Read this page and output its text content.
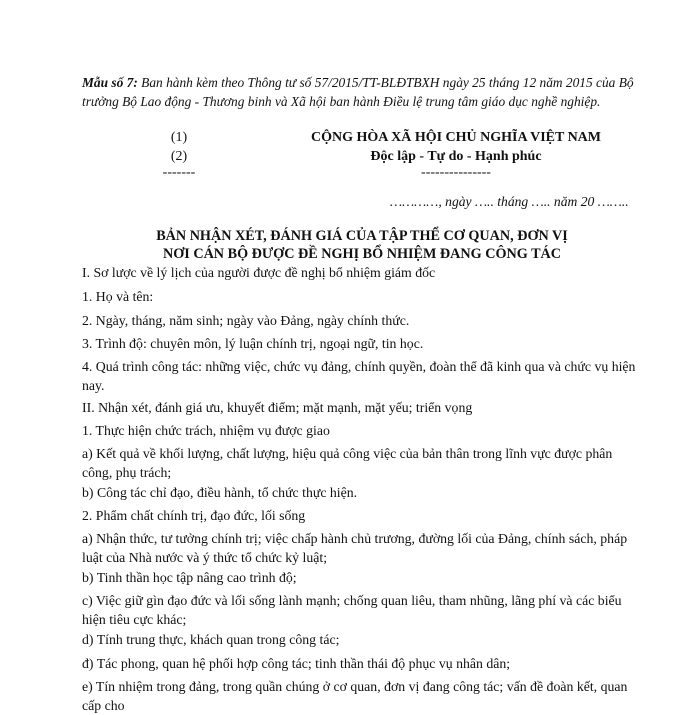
Mẫu số 7: Ban hành kèm theo Thông tư số 57/2015/TT-BLĐTBXH ngày 25 tháng 12 năm 2015 của Bộ trưởng Bộ Lao động - Thương binh và Xã hội ban hành Điều lệ trung tâm giáo dục nghề nghiệp.

(1)
(2)
-------
CỘNG HÒA XÃ HỘI CHỦ NGHĨA VIỆT NAM
Độc lập - Tự do - Hạnh phúc
---------------
…………, ngày ….. tháng ….. năm 20 ……..
BẢN NHẬN XÉT, ĐÁNH GIÁ CỦA TẬP THỂ CƠ QUAN, ĐƠN VỊ
NƠI CÁN BỘ ĐƯỢC ĐỀ NGHỊ BỔ NHIỆM ĐANG CÔNG TÁC

I. Sơ lược về lý lịch của người được đề nghị bổ nhiệm giám đốc

1. Họ và tên:

2. Ngày, tháng, năm sinh; ngày vào Đảng, ngày chính thức.

3. Trình độ: chuyên môn, lý luận chính trị, ngoại ngữ, tin học.

4. Quá trình công tác: những việc, chức vụ đảng, chính quyền, đoàn thể đã kinh qua và chức vụ hiện nay.

II. Nhận xét, đánh giá ưu, khuyết điểm; mặt mạnh, mặt yếu; triển vọng

1. Thực hiện chức trách, nhiệm vụ được giao

a) Kết quả về khối lượng, chất lượng, hiệu quả công việc của bản thân trong lĩnh vực được phân công, phụ trách;

b) Công tác chỉ đạo, điều hành, tổ chức thực hiện.

2. Phẩm chất chính trị, đạo đức, lối sống

a) Nhận thức, tư tưởng chính trị; việc chấp hành chủ trương, đường lối của Đảng, chính sách, pháp luật của Nhà nước và ý thức tổ chức kỷ luật;

b) Tinh thần học tập nâng cao trình độ;

c) Việc giữ gìn đạo đức và lối sống lành mạnh; chống quan liêu, tham nhũng, lãng phí và các biểu hiện tiêu cực khác;

d) Tính trung thực, khách quan trong công tác;

đ) Tác phong, quan hệ phối hợp công tác; tinh thần thái độ phục vụ nhân dân;

e) Tín nhiệm trong đảng, trong quần chúng ở cơ quan, đơn vị đang công tác; vấn đề đoàn kết, quan cấp cho
